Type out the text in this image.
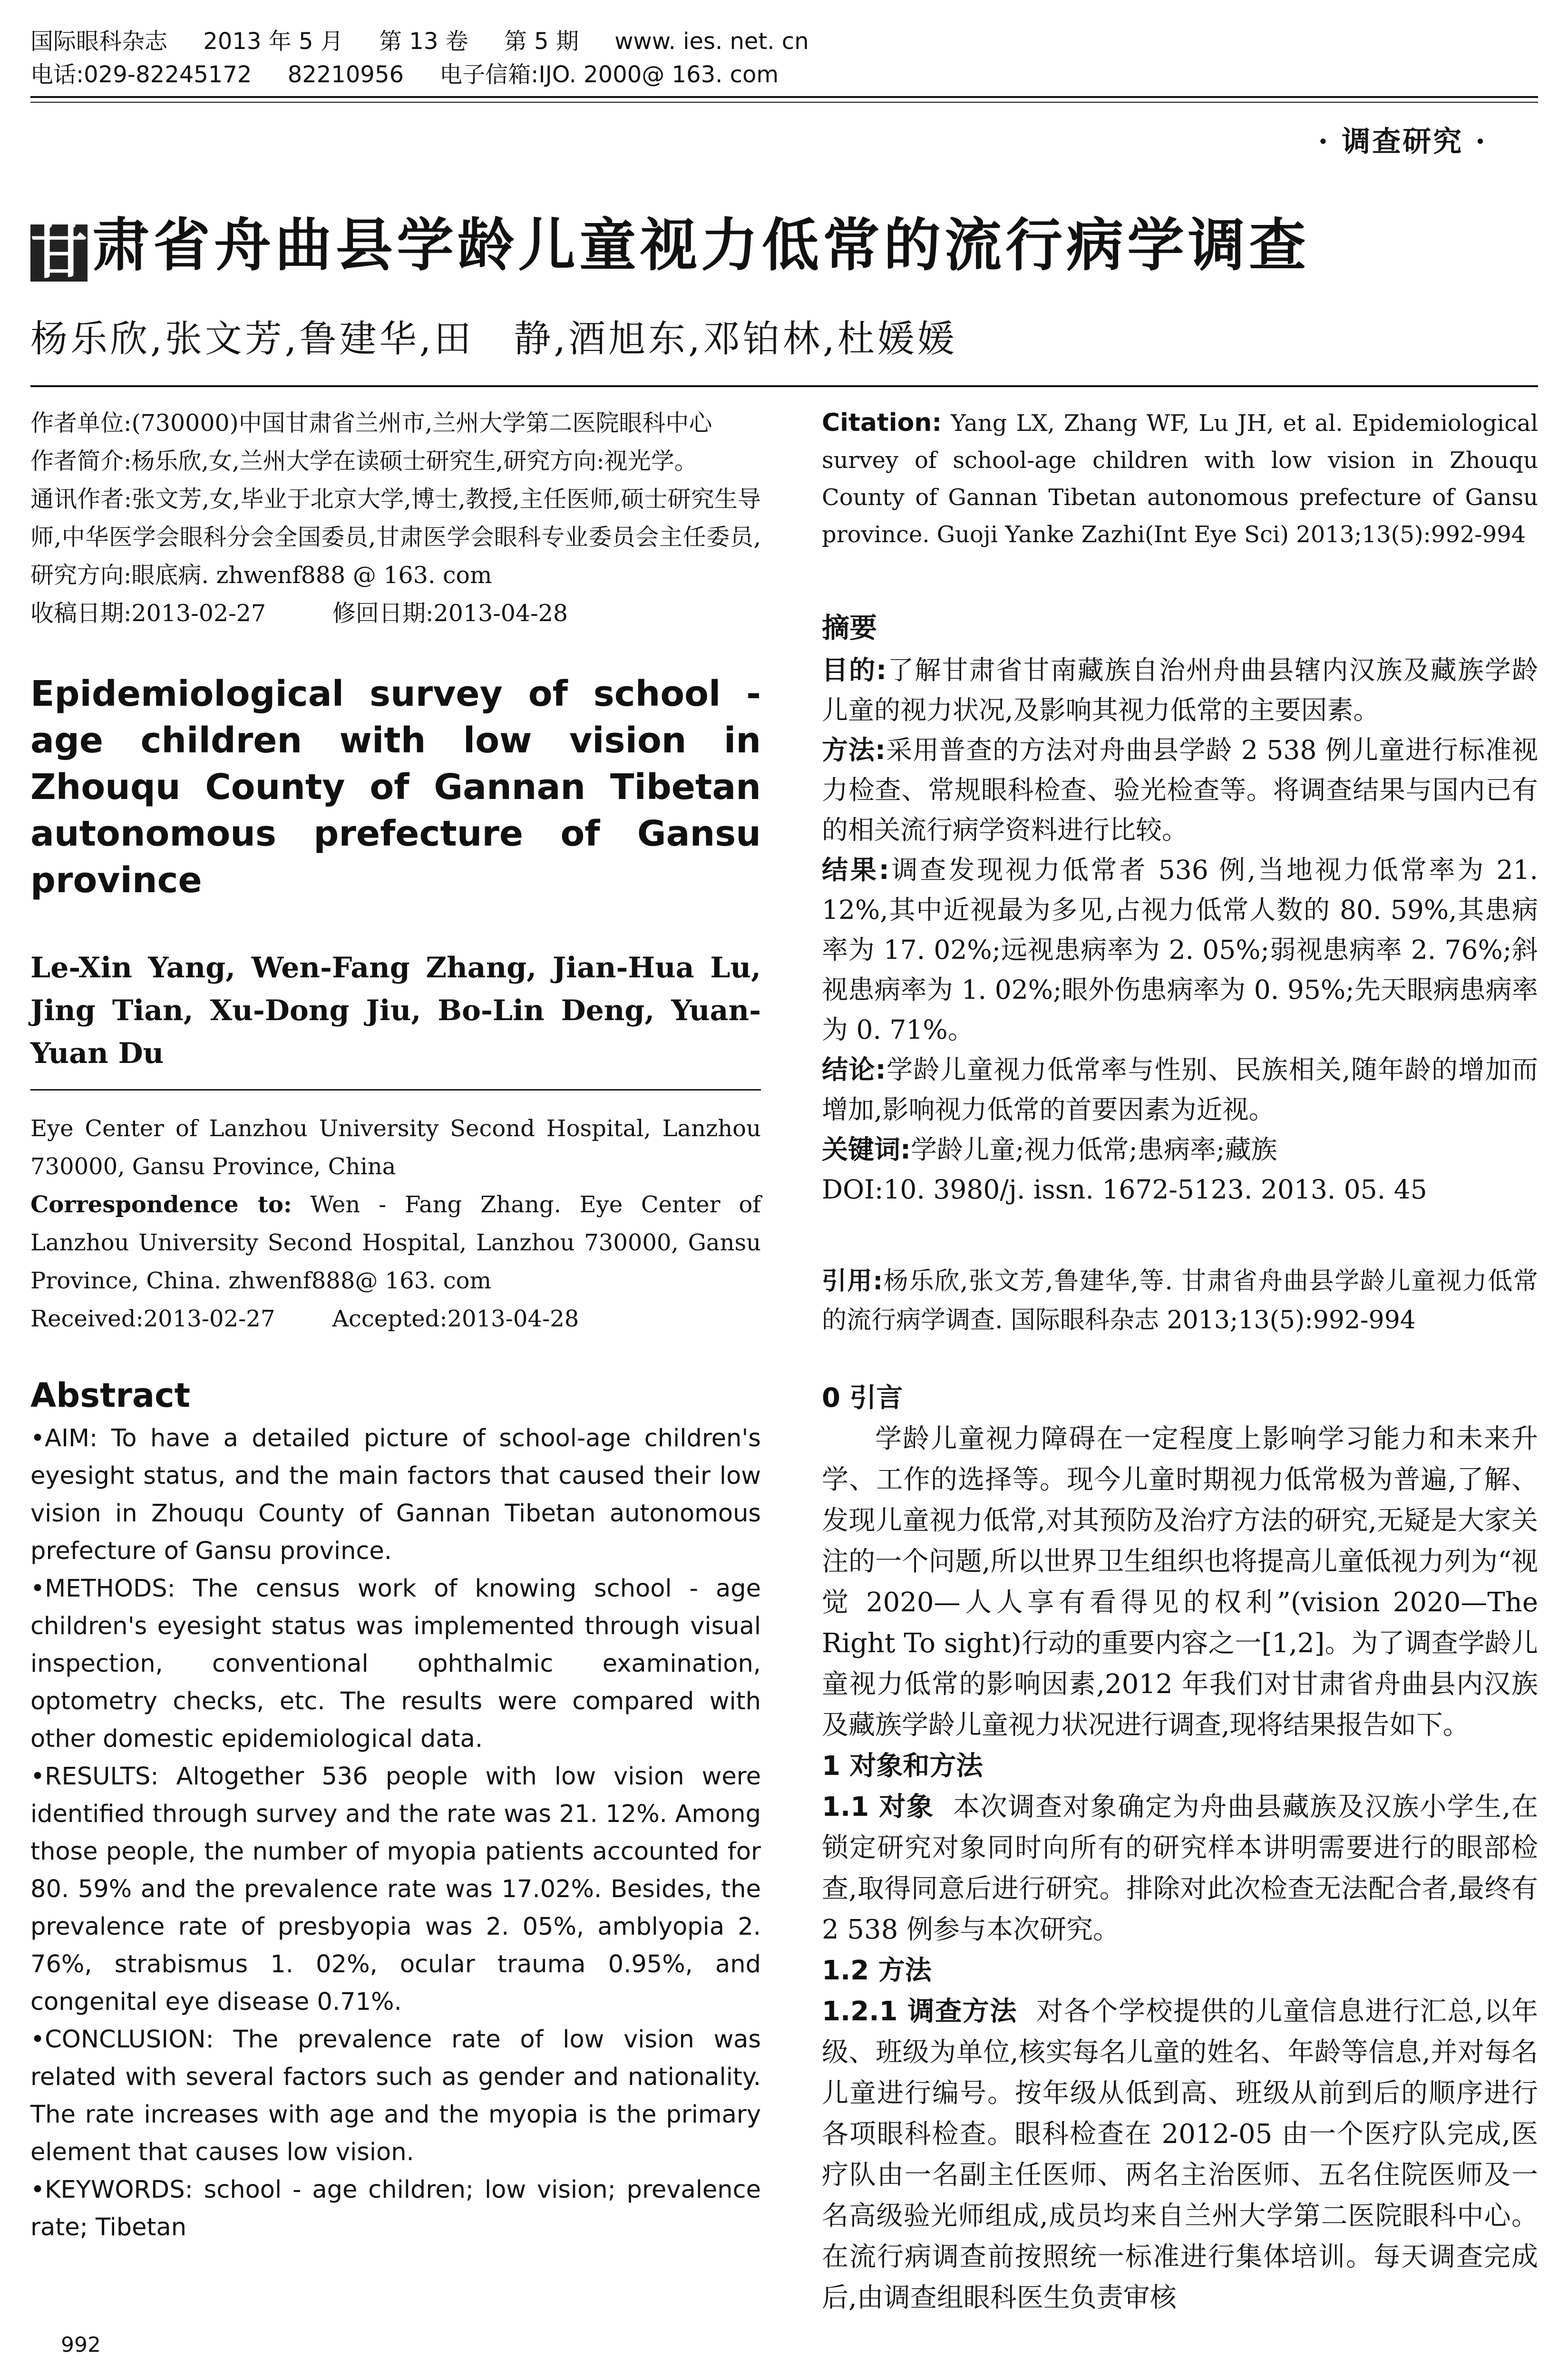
国际眼科杂志 2013 年 5 月 第 13 卷 第 5 期 www. ies. net. cn
电话:029-82245172 82210956 电子信箱:IJO. 2000@ 163. com
· 调查研究 ·
甘肃省舟曲县学龄儿童视力低常的流行病学调查
杨乐欣,张文芳,鲁建华,田　静,酒旭东,邓铂林,杜媛媛

作者单位:(730000)中国甘肃省兰州市,兰州大学第二医院眼科中心

作者简介:杨乐欣,女,兰州大学在读硕士研究生,研究方向:视光学。

通讯作者:张文芳,女,毕业于北京大学,博士,教授,主任医师,硕士研究生导师,中华医学会眼科分会全国委员,甘肃医学会眼科专业委员会主任委员,研究方向:眼底病. zhwenf888 @ 163. com

收稿日期:2013-02-27	修回日期:2013-04-28

Epidemiological survey of school - age children with low vision in Zhouqu County of Gannan Tibetan autonomous prefecture of Gansu province
Le-Xin Yang, Wen-Fang Zhang, Jian-Hua Lu, Jing Tian, Xu-Dong Jiu, Bo-Lin Deng, Yuan-Yuan Du

Eye Center of Lanzhou University Second Hospital, Lanzhou 730000, Gansu Province, China

Correspondence to: Wen - Fang Zhang. Eye Center of Lanzhou University Second Hospital, Lanzhou 730000, Gansu Province, China. zhwenf888@ 163. com

Received:2013-02-27	Accepted:2013-04-28

Abstract

• AIM: To have a detailed picture of school-age children's eyesight status, and the main factors that caused their low vision in Zhouqu County of Gannan Tibetan autonomous prefecture of Gansu province.

• METHODS: The census work of knowing school - age children's eyesight status was implemented through visual inspection, conventional ophthalmic examination, optometry checks, etc. The results were compared with other domestic epidemiological data.

• RESULTS: Altogether 536 people with low vision were identified through survey and the rate was 21. 12%. Among those people, the number of myopia patients accounted for 80. 59% and the prevalence rate was 17.02%. Besides, the prevalence rate of presbyopia was 2. 05%, amblyopia 2. 76%, strabismus 1. 02%, ocular trauma 0.95%, and congenital eye disease 0.71%.

• CONCLUSION: The prevalence rate of low vision was related with several factors such as gender and nationality. The rate increases with age and the myopia is the primary element that causes low vision.

• KEYWORDS: school - age children; low vision; prevalence rate; Tibetan

Citation: Yang LX, Zhang WF, Lu JH, et al. Epidemiological survey of school-age children with low vision in Zhouqu County of Gannan Tibetan autonomous prefecture of Gansu province. Guoji Yanke Zazhi(Int Eye Sci) 2013;13(5):992-994

摘要

目的:了解甘肃省甘南藏族自治州舟曲县辖内汉族及藏族学龄儿童的视力状况,及影响其视力低常的主要因素。

方法:采用普查的方法对舟曲县学龄 2 538 例儿童进行标准视力检查、常规眼科检查、验光检查等。将调查结果与国内已有的相关流行病学资料进行比较。

结果:调查发现视力低常者 536 例,当地视力低常率为 21. 12%,其中近视最为多见,占视力低常人数的 80. 59%,其患病率为 17. 02%;远视患病率为 2. 05%;弱视患病率 2. 76%;斜视患病率为 1. 02%;眼外伤患病率为 0. 95%;先天眼病患病率为 0. 71%。

结论:学龄儿童视力低常率与性别、民族相关,随年龄的增加而增加,影响视力低常的首要因素为近视。

关键词:学龄儿童;视力低常;患病率;藏族

DOI:10. 3980/j. issn. 1672-5123. 2013. 05. 45

引用:杨乐欣,张文芳,鲁建华,等. 甘肃省舟曲县学龄儿童视力低常的流行病学调查. 国际眼科杂志 2013;13(5):992-994

0 引言

学龄儿童视力障碍在一定程度上影响学习能力和未来升学、工作的选择等。现今儿童时期视力低常极为普遍,了解、发现儿童视力低常,对其预防及治疗方法的研究,无疑是大家关注的一个问题,所以世界卫生组织也将提高儿童低视力列为“视觉 2020—人人享有看得见的权利”(vision 2020—The Right To sight)行动的重要内容之一[1,2]。为了调查学龄儿童视力低常的影响因素,2012 年我们对甘肃省舟曲县内汉族及藏族学龄儿童视力状况进行调查,现将结果报告如下。

1 对象和方法

1.1 对象 本次调查对象确定为舟曲县藏族及汉族小学生,在锁定研究对象同时向所有的研究样本讲明需要进行的眼部检查,取得同意后进行研究。排除对此次检查无法配合者,最终有 2 538 例参与本次研究。

1.2 方法

1.2.1 调查方法 对各个学校提供的儿童信息进行汇总,以年级、班级为单位,核实每名儿童的姓名、年龄等信息,并对每名儿童进行编号。按年级从低到高、班级从前到后的顺序进行各项眼科检查。眼科检查在 2012-05 由一个医疗队完成,医疗队由一名副主任医师、两名主治医师、五名住院医师及一名高级验光师组成,成员均来自兰州大学第二医院眼科中心。在流行病调查前按照统一标准进行集体培训。每天调查完成后,由调查组眼科医生负责审核

992
